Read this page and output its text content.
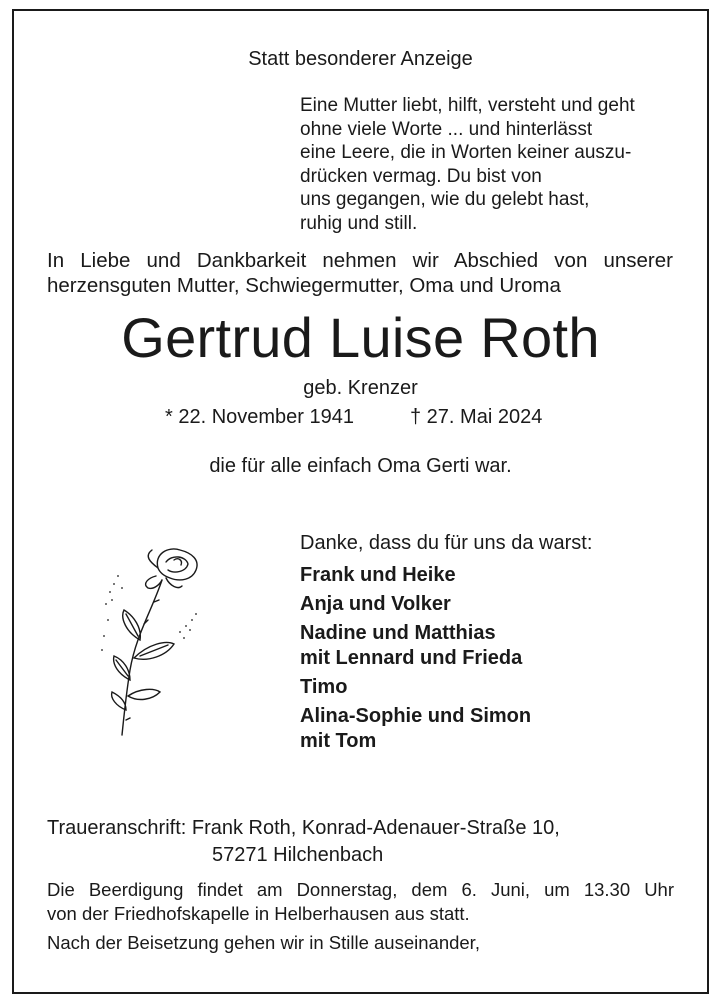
Statt besonderer Anzeige
Eine Mutter liebt, hilft, versteht und geht
ohne viele Worte ... und hinterlässt
eine Leere, die in Worten keiner auszu-
drücken vermag. Du bist von
uns gegangen, wie du gelebt hast,
ruhig und still.
In Liebe und Dankbarkeit nehmen wir Abschied von unserer
herzensguten Mutter, Schwiegermutter, Oma und Uroma
Gertrud Luise Roth
geb. Krenzer
* 22. November 1941	† 27. Mai 2024
die für alle einfach Oma Gerti war.
Danke, dass du für uns da warst:
Frank und Heike
Anja und Volker
Nadine und Matthias
mit Lennard und Frieda
Timo
Alina-Sophie und Simon
mit Tom
Traueranschrift: Frank Roth, Konrad-Adenauer-Straße 10,
57271 Hilchenbach
Die Beerdigung findet am Donnerstag, dem 6. Juni, um 13.30 Uhr
von der Friedhofskapelle in Helberhausen aus statt.
Nach der Beisetzung gehen wir in Stille auseinander,
